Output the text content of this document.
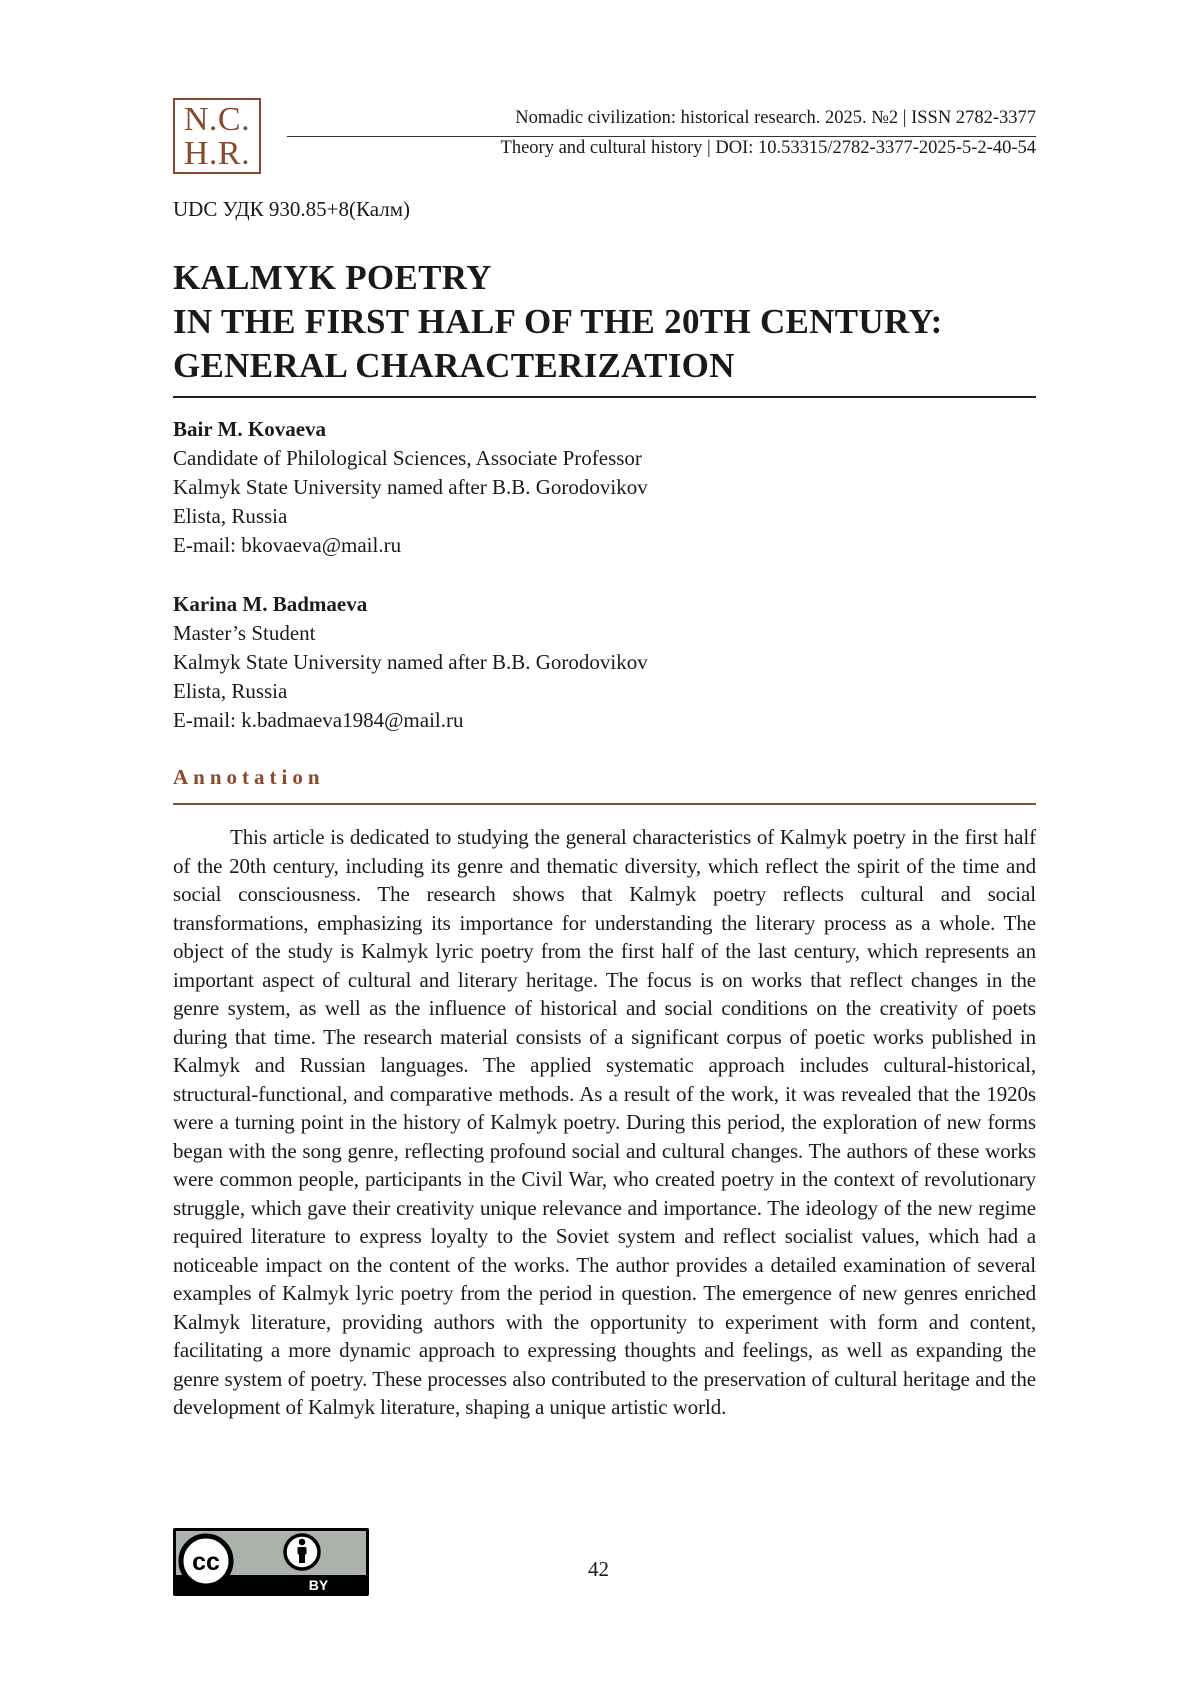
N.C.
H.R.
Nomadic civilization: historical research. 2025. №2 | ISSN 2782-3377
Theory and cultural history | DOI: 10.53315/2782-3377-2025-5-2-40-54
UDC УДК 930.85+8(Калм)
KALMYK POETRY
IN THE FIRST HALF OF THE 20TH CENTURY:
GENERAL CHARACTERIZATION
Bair M. Kovaeva
Candidate of Philological Sciences, Associate Professor
Kalmyk State University named after B.B. Gorodovikov
Elista, Russia
E-mail: bkovaeva@mail.ru
Karina M. Badmaeva
Master’s Student
Kalmyk State University named after B.B. Gorodovikov
Elista, Russia
E-mail: k.badmaeva1984@mail.ru
Annotation

This article is dedicated to studying the general characteristics of Kalmyk poetry in the first half of the 20th century, including its genre and thematic diversity, which reflect the spirit of the time and social consciousness. The research shows that Kalmyk poetry reflects cultural and social transformations, emphasizing its importance for understanding the literary process as a whole. The object of the study is Kalmyk lyric poetry from the first half of the last century, which represents an important aspect of cultural and literary heritage. The focus is on works that reflect changes in the genre system, as well as the influence of historical and social conditions on the creativity of poets during that time. The research material consists of a significant corpus of poetic works published in Kalmyk and Russian languages. The applied systematic approach includes cultural-historical, structural-functional, and comparative methods. As a result of the work, it was revealed that the 1920s were a turning point in the history of Kalmyk poetry. During this period, the exploration of new forms began with the song genre, reflecting profound social and cultural changes. The authors of these works were common people, participants in the Civil War, who created poetry in the context of revolutionary struggle, which gave their creativity unique relevance and importance. The ideology of the new regime required literature to express loyalty to the Soviet system and reflect socialist values, which had a noticeable impact on the content of the works. The author provides a detailed examination of several examples of Kalmyk lyric poetry from the period in question. The emergence of new genres enriched Kalmyk literature, providing authors with the opportunity to experiment with form and content, facilitating a more dynamic approach to expressing thoughts and feelings, as well as expanding the genre system of poetry. These processes also contributed to the preservation of cultural heritage and the development of Kalmyk literature, shaping a unique artistic world.

cc
BY
42
